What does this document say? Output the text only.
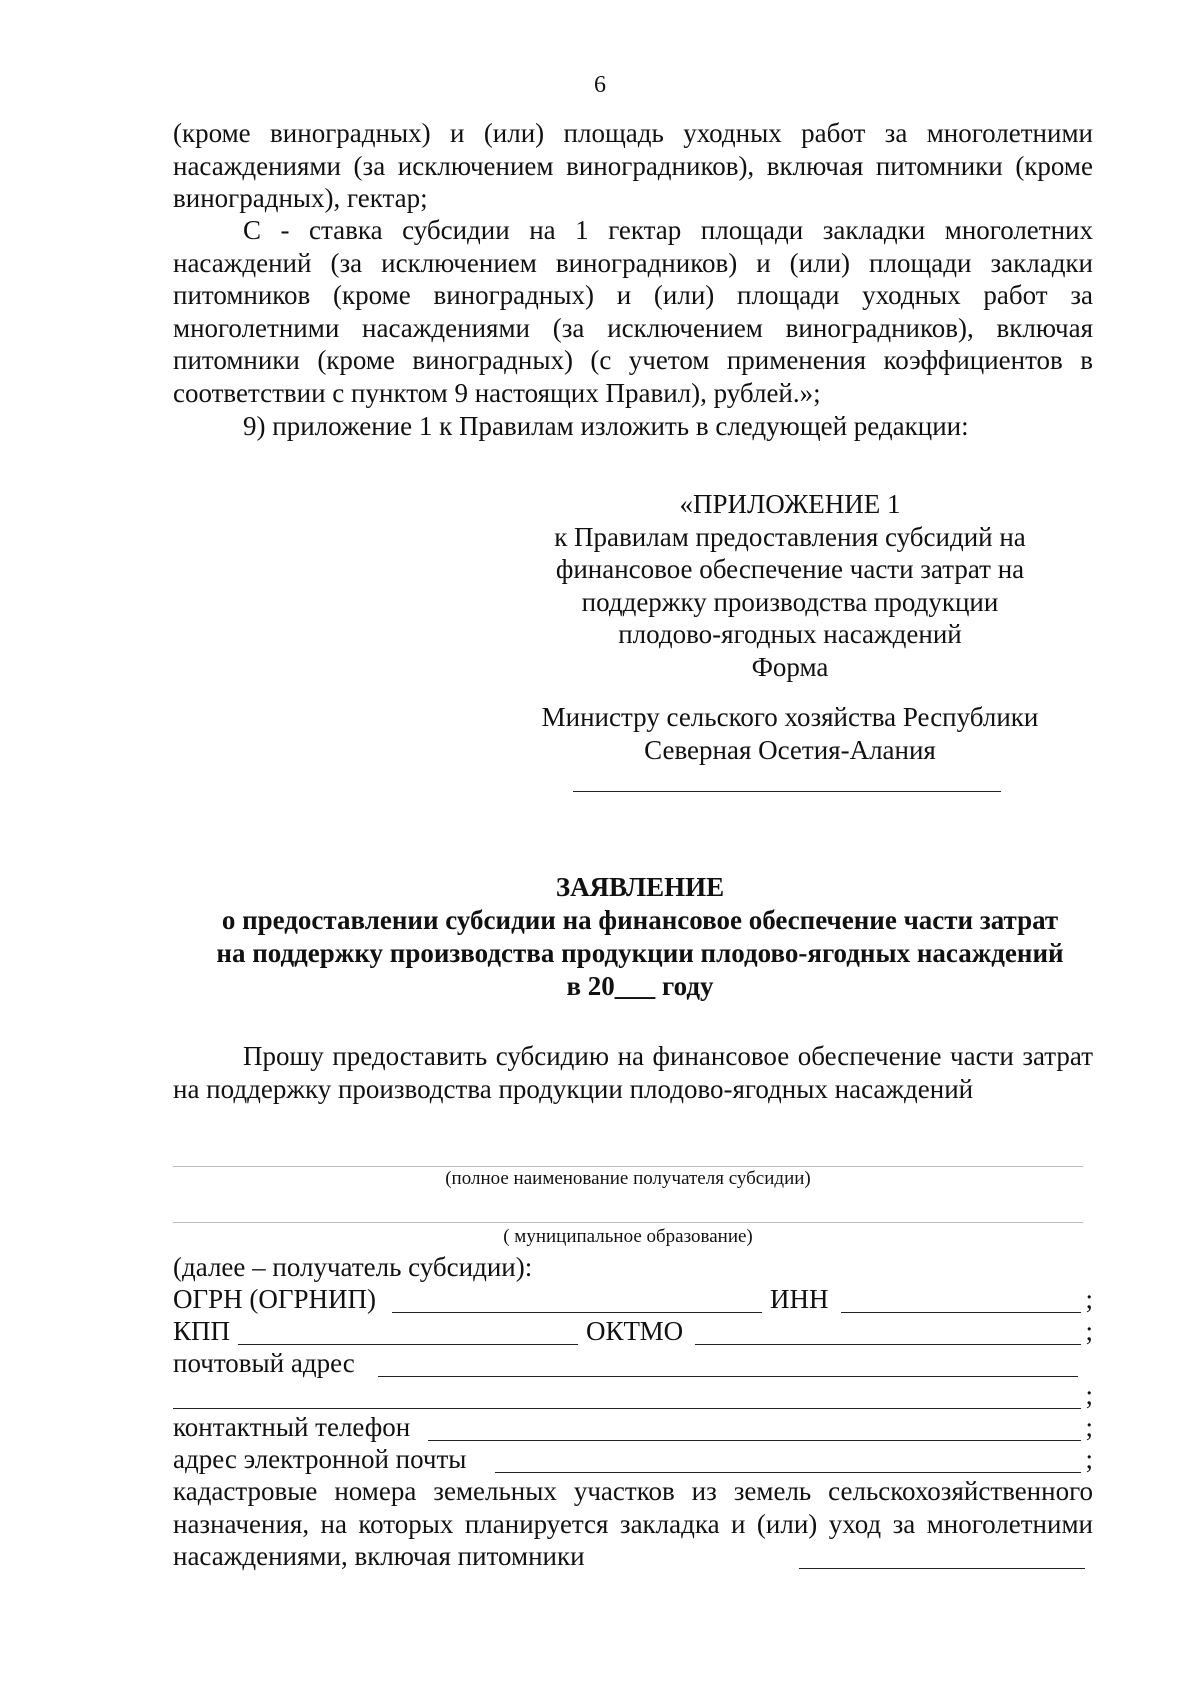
6
(кроме виноградных) и (или) площадь уходных работ за многолетними насаждениями (за исключением виноградников), включая питомники (кроме виноградных), гектар;
С - ставка субсидии на 1 гектар площади закладки многолетних насаждений (за исключением виноградников) и (или) площади закладки питомников (кроме виноградных) и (или) площади уходных работ за многолетними насаждениями (за исключением виноградников), включая питомники (кроме виноградных) (с учетом применения коэффициентов в соответствии с пунктом 9 настоящих Правил), рублей.»;
9) приложение 1 к Правилам изложить в следующей редакции:
«ПРИЛОЖЕНИЕ 1
к Правилам предоставления субсидий на
финансовое обеспечение части затрат на
поддержку производства продукции
плодово-ягодных насаждений
Форма
Министру сельского хозяйства Республики
Северная Осетия-Алания
ЗАЯВЛЕНИЕ
о предоставлении субсидии на финансовое обеспечение части затрат
на поддержку производства продукции плодово-ягодных насаждений
в 20___ году
Прошу предоставить субсидию на финансовое обеспечение части затрат на поддержку производства продукции плодово-ягодных насаждений
(полное наименование получателя субсидии)
( муниципальное образование)
(далее – получатель субсидии):
ОГРН (ОГРНИП)	ИНН	;
КПП	ОКТМО	;
почтовый адрес
;
контактный телефон	;
адрес электронной почты	;
кадастровые номера земельных участков из земель сельскохозяйственного назначения, на которых планируется закладка и (или) уход за многолетними насаждениями, включая питомники
